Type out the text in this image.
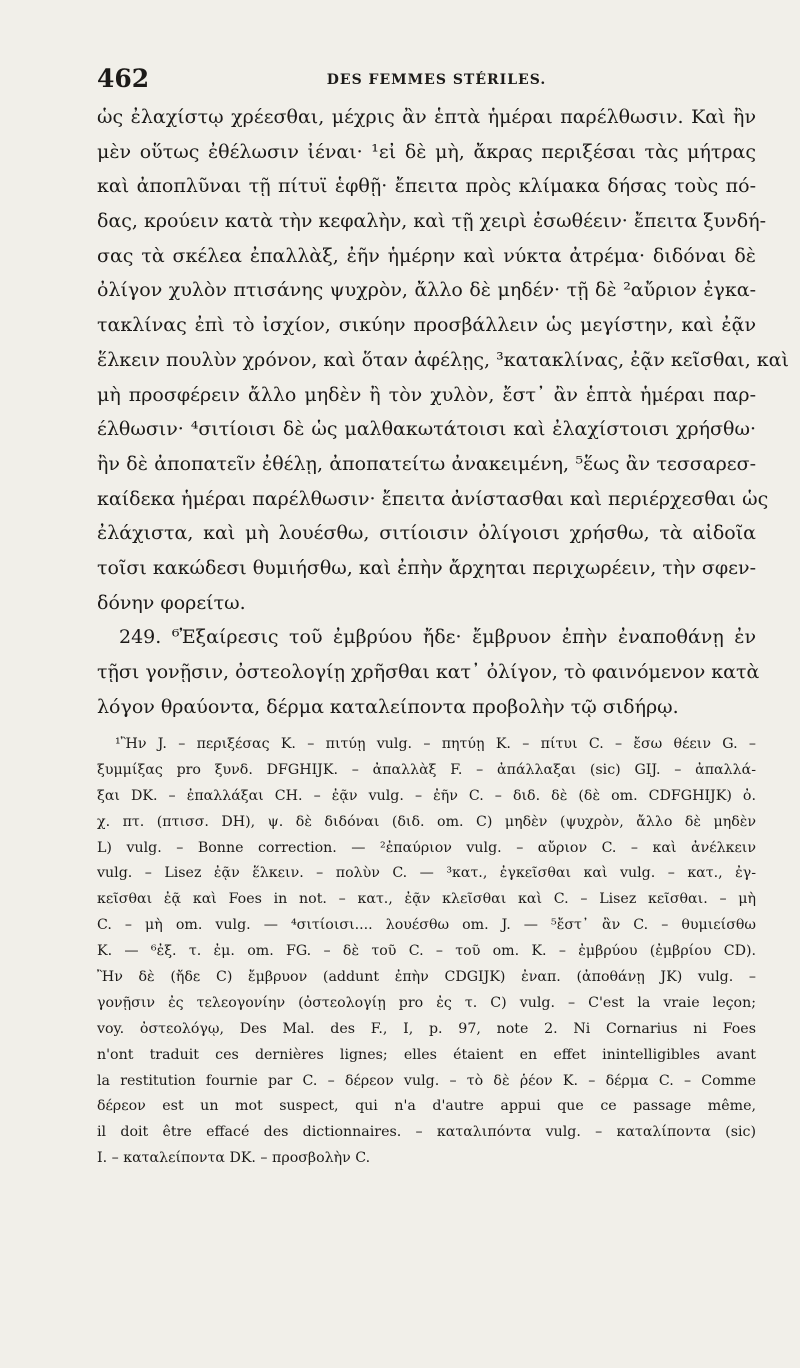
462	DES FEMMES STÉRILES.
ὡς ἐλαχίστῳ χρέεσθαι, μέχρις ἂν ἑπτὰ ἡμέραι παρέλθωσιν. Καὶ ἢν
μὲν οὕτως ἐθέλωσιν ἰέναι· ¹εἰ δὲ μὴ, ἄκρας περιξέσαι τὰς μήτρας
καὶ ἀποπλῦναι τῇ πίτυϊ ἑφθῇ· ἔπειτα πρὸς κλίμακα δήσας τοὺς πό-
δας, κρούειν κατὰ τὴν κεφαλὴν, καὶ τῇ χειρὶ ἐσωθέειν· ἔπειτα ξυνδή-
σας τὰ σκέλεα ἐπαλλὰξ, ἐῆν ἡμέρην καὶ νύκτα ἀτρέμα· διδόναι δὲ
ὀλίγον χυλὸν πτισάνης ψυχρὸν, ἄλλο δὲ μηδέν· τῇ δὲ ²αὔριον ἐγκα-
τακλίνας ἐπὶ τὸ ἰσχίον, σικύην προσβάλλειν ὡς μεγίστην, καὶ ἐᾷν
ἕλκειν πουλὺν χρόνον, καὶ ὅταν ἀφέλῃς, ³κατακλίνας, ἐᾷν κεῖσθαι, καὶ
μὴ προσφέρειν ἄλλο μηδὲν ἢ τὸν χυλὸν, ἔστ᾽ ἂν ἑπτὰ ἡμέραι παρ-
έλθωσιν· ⁴σιτίοισι δὲ ὡς μαλθακωτάτοισι καὶ ἐλαχίστοισι χρήσθω·
ἢν δὲ ἀποπατεῖν ἐθέλῃ, ἀποπατείτω ἀνακειμένη, ⁵ἕως ἂν τεσσαρεσ-
καίδεκα ἡμέραι παρέλθωσιν· ἔπειτα ἀνίστασθαι καὶ περιέρχεσθαι ὡς
ἐλάχιστα, καὶ μὴ λουέσθω, σιτίοισιν ὀλίγοισι χρήσθω, τὰ αἰδοῖα
τοῖσι κακώδεσι θυμιήσθω, καὶ ἐπὴν ἄρχηται περιχωρέειν, τὴν σφεν-
δόνην φορείτω.
249. ⁶Ἐξαίρεσις τοῦ ἐμβρύου ἤδε· ἔμβρυον ἐπὴν ἐναποθάνῃ ἐν
τῇσι γονῇσιν, ὀστεολογίῃ χρῆσθαι κατ᾽ ὀλίγον, τὸ φαινόμενον κατὰ
λόγον θραύοντα, δέρμα καταλείποντα προβολὴν τῷ σιδήρῳ.
¹Ἢν J. – περιξέσας K. – πιτύῃ vulg. – πητύῃ K. – πίτυι C. – ἔσω θέειν G. –
ξυμμίξας pro ξυνδ. DFGHIJK. – ἀπαλλὰξ F. – ἀπάλλαξαι (sic) GIJ. – ἀπαλλά-
ξαι DK. – ἐπαλλάξαι CH. – ἐᾷν vulg. – ἐῆν C. – διδ. δὲ (δὲ om. CDFGHIJK) ὀ.
χ. πτ. (πτισσ. DH), ψ. δὲ διδόναι (διδ. om. C) μηδὲν (ψυχρὸν, ἄλλο δὲ μηδὲν
L) vulg. – Bonne correction. — ²ἐπαύριον vulg. – αὔριον C. – καὶ ἀνέλκειν
vulg. – Lisez ἐᾷν ἕλκειν. – πολὺν C. — ³κατ., ἐγκεῖσθαι καὶ vulg. – κατ., ἐγ-
κεῖσθαι ἐᾷ καὶ Foes in not. – κατ., ἐᾷν κλεῖσθαι καὶ C. – Lisez κεῖσθαι. – μὴ
C. – μὴ om. vulg. — ⁴σιτίοισι.... λουέσθω om. J. — ⁵ἔστ᾽ ἂν C. – θυμιείσθω
K. — ⁶ἐξ. τ. ἐμ. om. FG. – δὲ τοῦ C. – τοῦ om. K. – ἐμβρύου (ἐμβρίου CD).
Ἢν δὲ (ἤδε C) ἔμβρυον (addunt ἐπὴν CDGIJK) ἐναπ. (ἀποθάνῃ JK) vulg. –
γονῇσιν ἐς τελεογονίην (ὀστεολογίῃ pro ἐς τ. C) vulg. – C'est la vraie leçon;
voy. ὀστεολόγῳ, Des Mal. des F., I, p. 97, note 2. Ni Cornarius ni Foes
n'ont traduit ces dernières lignes; elles étaient en effet inintelligibles avant
la restitution fournie par C. – δέρεον vulg. – τὸ δὲ ῥέον K. – δέρμα C. – Comme
δέρεον est un mot suspect, qui n'a d'autre appui que ce passage même,
il doit être effacé des dictionnaires. – καταλιπόντα vulg. – καταλίποντα (sic)
I. – καταλείποντα DK. – προσβολὴν C.
